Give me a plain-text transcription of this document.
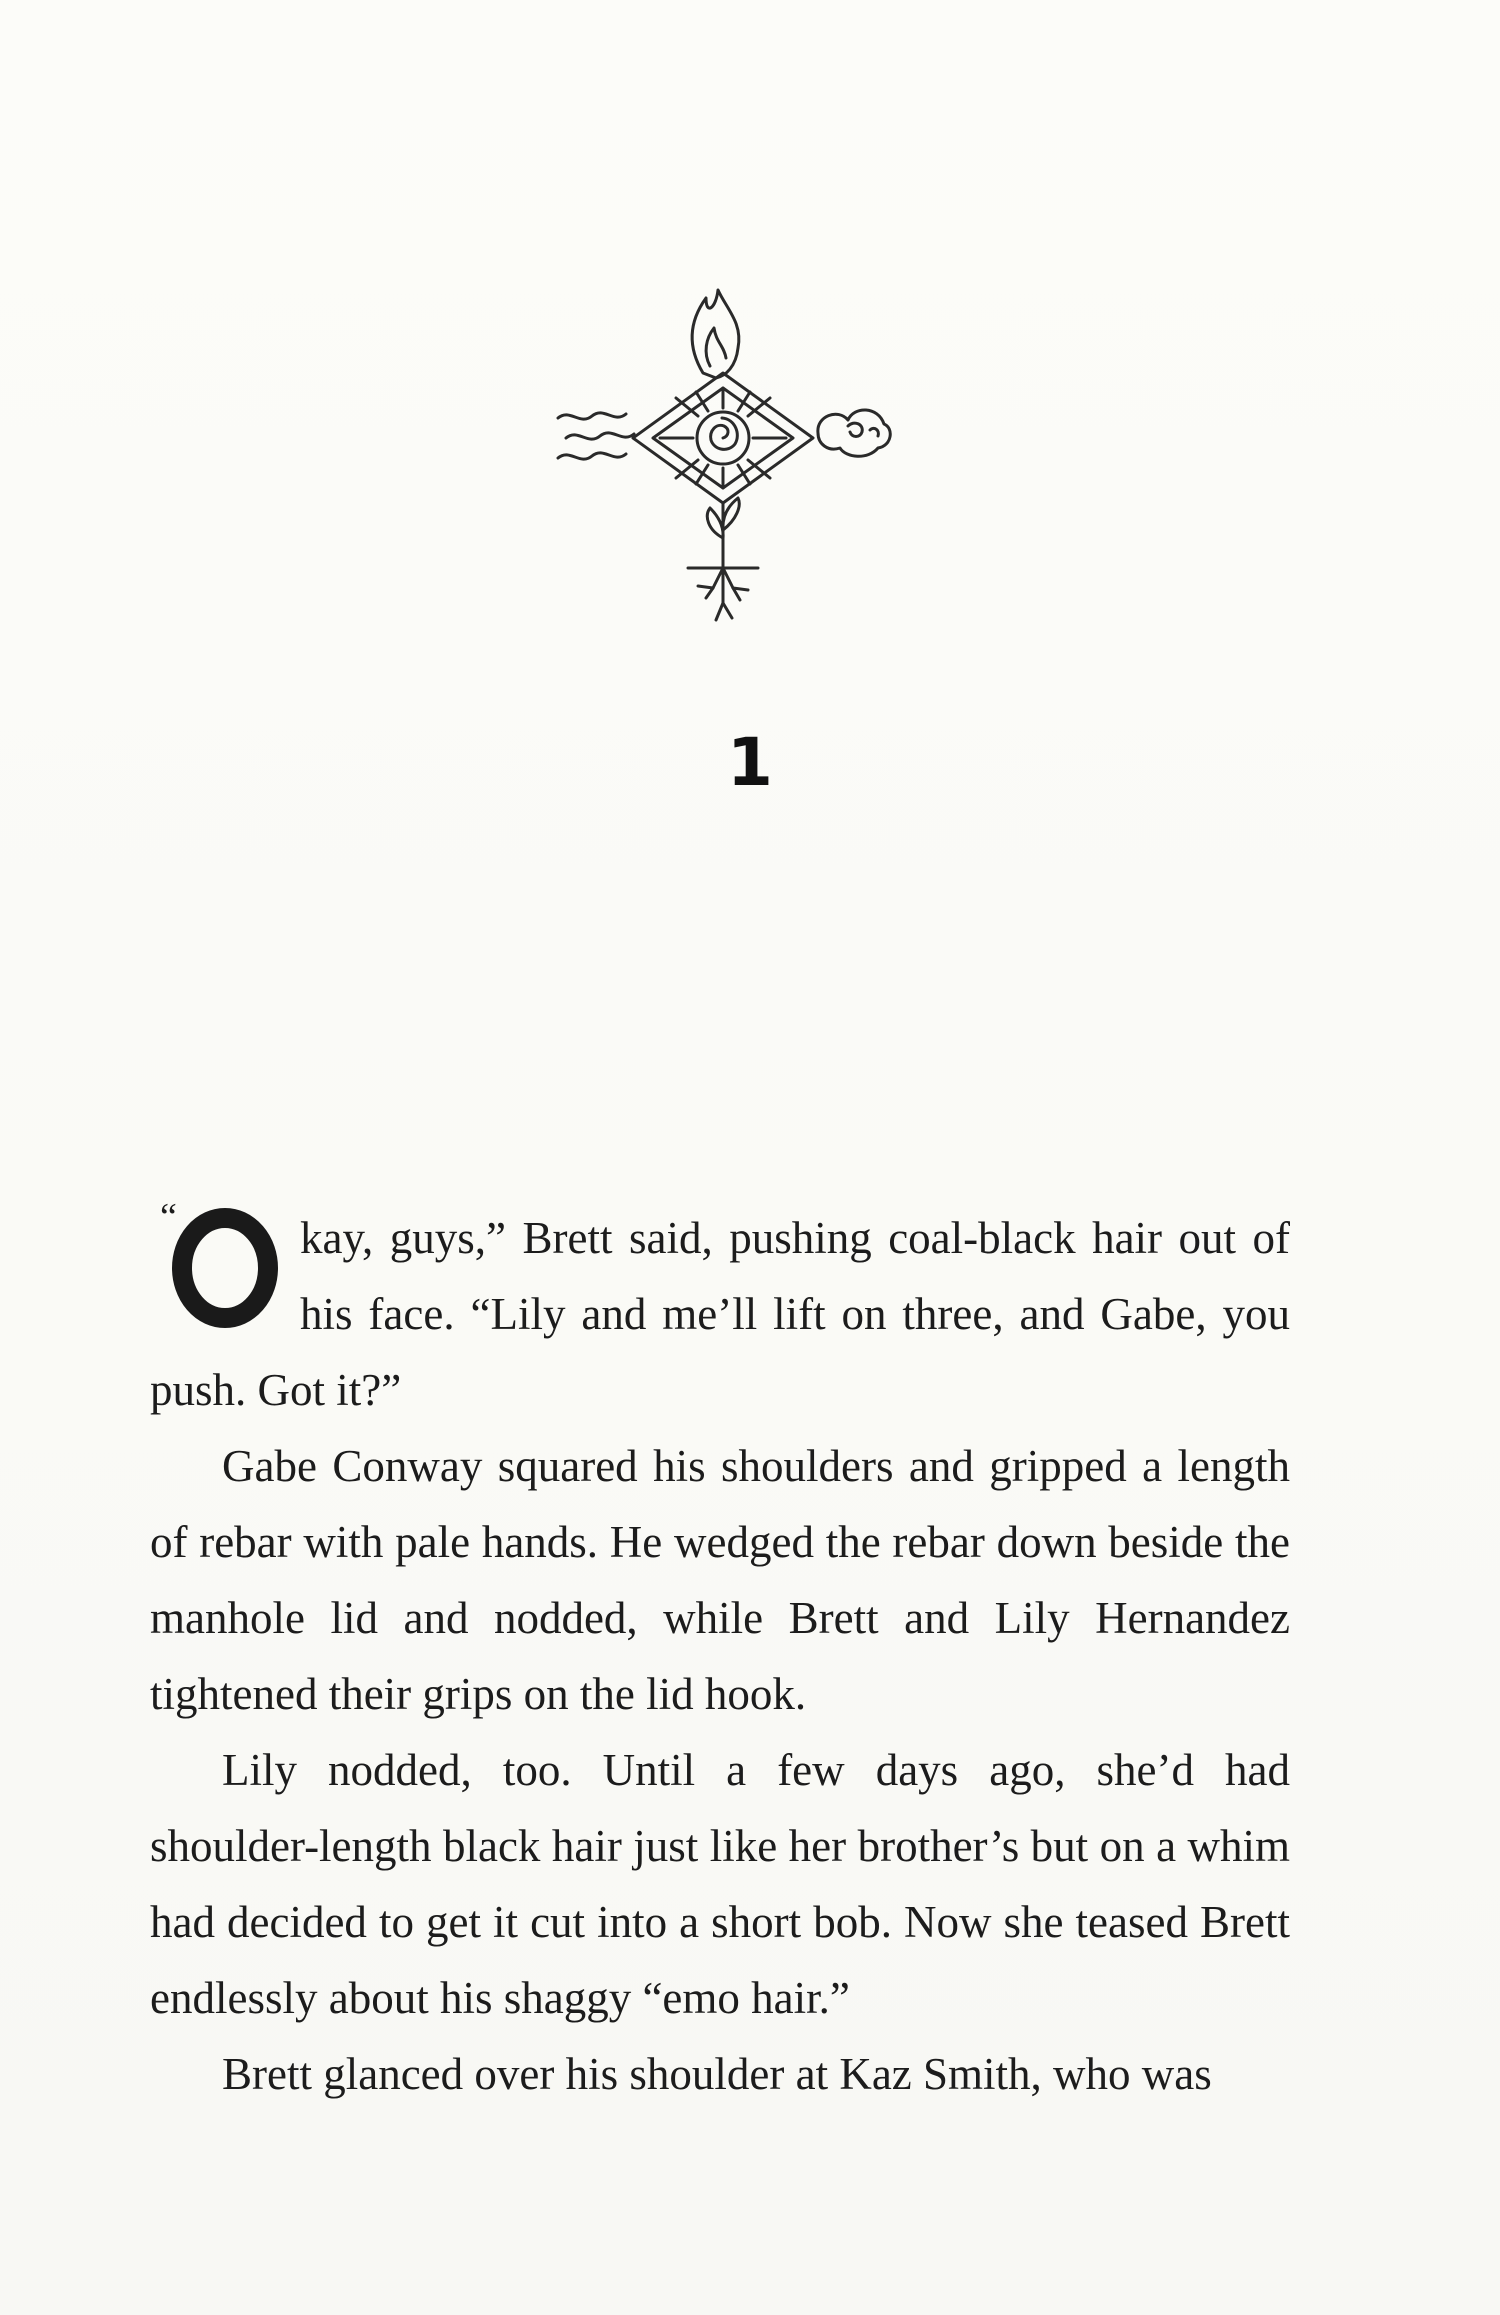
1
“
O

kay, guys,” Brett said, pushing coal-black hair out of
his face. “Lily and me’ll lift on three, and Gabe, you
push. Got it?”

Gabe Conway squared his shoulders and gripped a length of rebar with pale hands. He wedged the rebar down beside the manhole lid and nodded, while Brett and Lily Hernandez tightened their grips on the lid hook.

Lily nodded, too. Until a few days ago, she’d had shoulder-length black hair just like her brother’s but on a whim had decided to get it cut into a short bob. Now she teased Brett endlessly about his shaggy “emo hair.”

Brett glanced over his shoulder at Kaz Smith, who was
